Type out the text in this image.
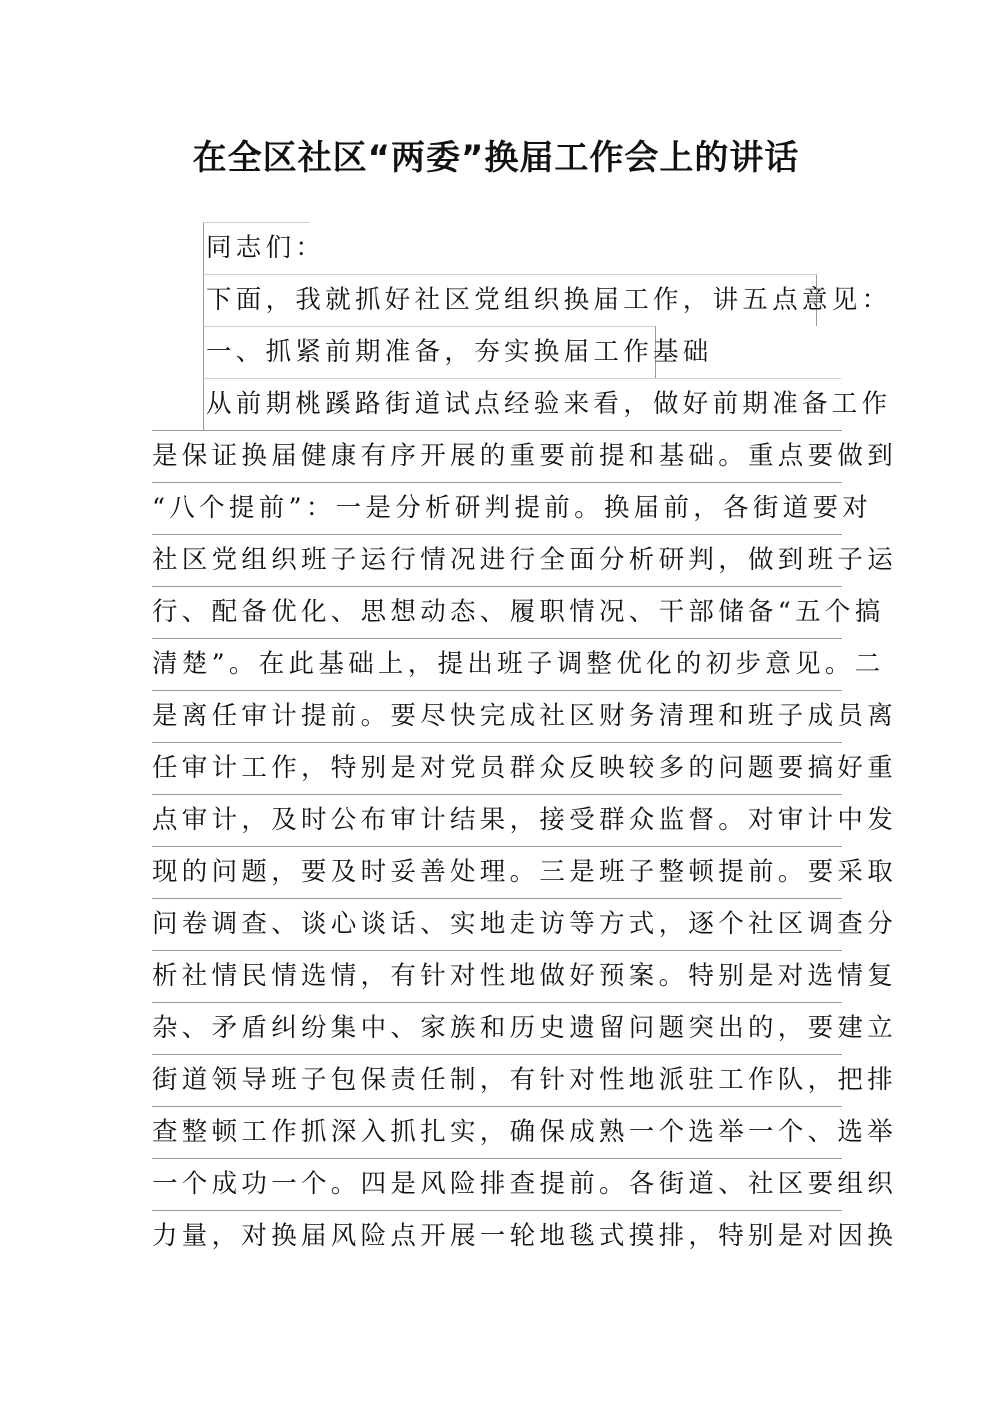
在全区社区“两委”换届工作会上的讲话
同志们：
下面，我就抓好社区党组织换届工作，讲五点意见：
一、抓紧前期准备，夯实换届工作基础
从前期桃蹊路街道试点经验来看，做好前期准备工作
是保证换届健康有序开展的重要前提和基础。重点要做到
“八个提前”：一是分析研判提前。换届前，各街道要对
社区党组织班子运行情况进行全面分析研判，做到班子运
行、配备优化、思想动态、履职情况、干部储备“五个搞
清楚”。在此基础上，提出班子调整优化的初步意见。二
是离任审计提前。要尽快完成社区财务清理和班子成员离
任审计工作，特别是对党员群众反映较多的问题要搞好重
点审计，及时公布审计结果，接受群众监督。对审计中发
现的问题，要及时妥善处理。三是班子整顿提前。要采取
问卷调查、谈心谈话、实地走访等方式，逐个社区调查分
析社情民情选情，有针对性地做好预案。特别是对选情复
杂、矛盾纠纷集中、家族和历史遗留问题突出的，要建立
街道领导班子包保责任制，有针对性地派驻工作队，把排
查整顿工作抓深入抓扎实，确保成熟一个选举一个、选举
一个成功一个。四是风险排查提前。各街道、社区要组织
力量，对换届风险点开展一轮地毯式摸排，特别是对因换
